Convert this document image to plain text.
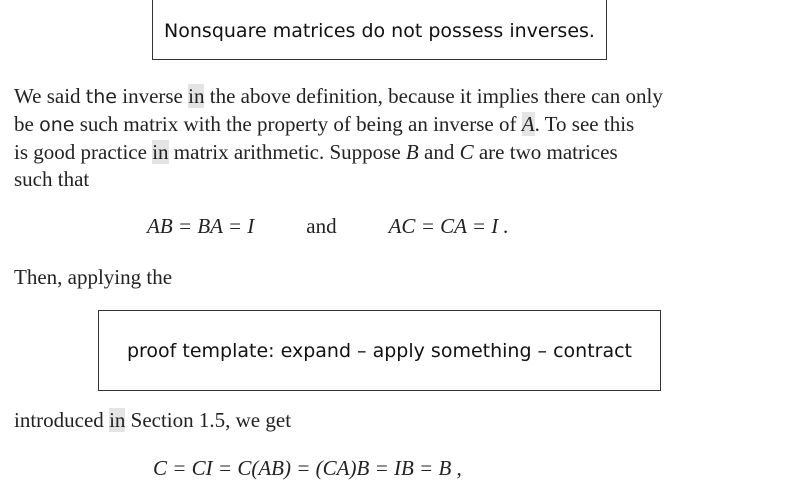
Nonsquare matrices do not possess inverses.

We said the inverse in the above definition, because it implies there can only
be one such matrix with the property of being an inverse of A. To see this
is good practice in matrix arithmetic. Suppose B and C are two matrices
such that

AB = BA = I and AC = CA = I .

Then, applying the

proof template: expand – apply something – contract

introduced in Section 1.5, we get

C = CI = C(AB) = (CA)B = IB = B ,
